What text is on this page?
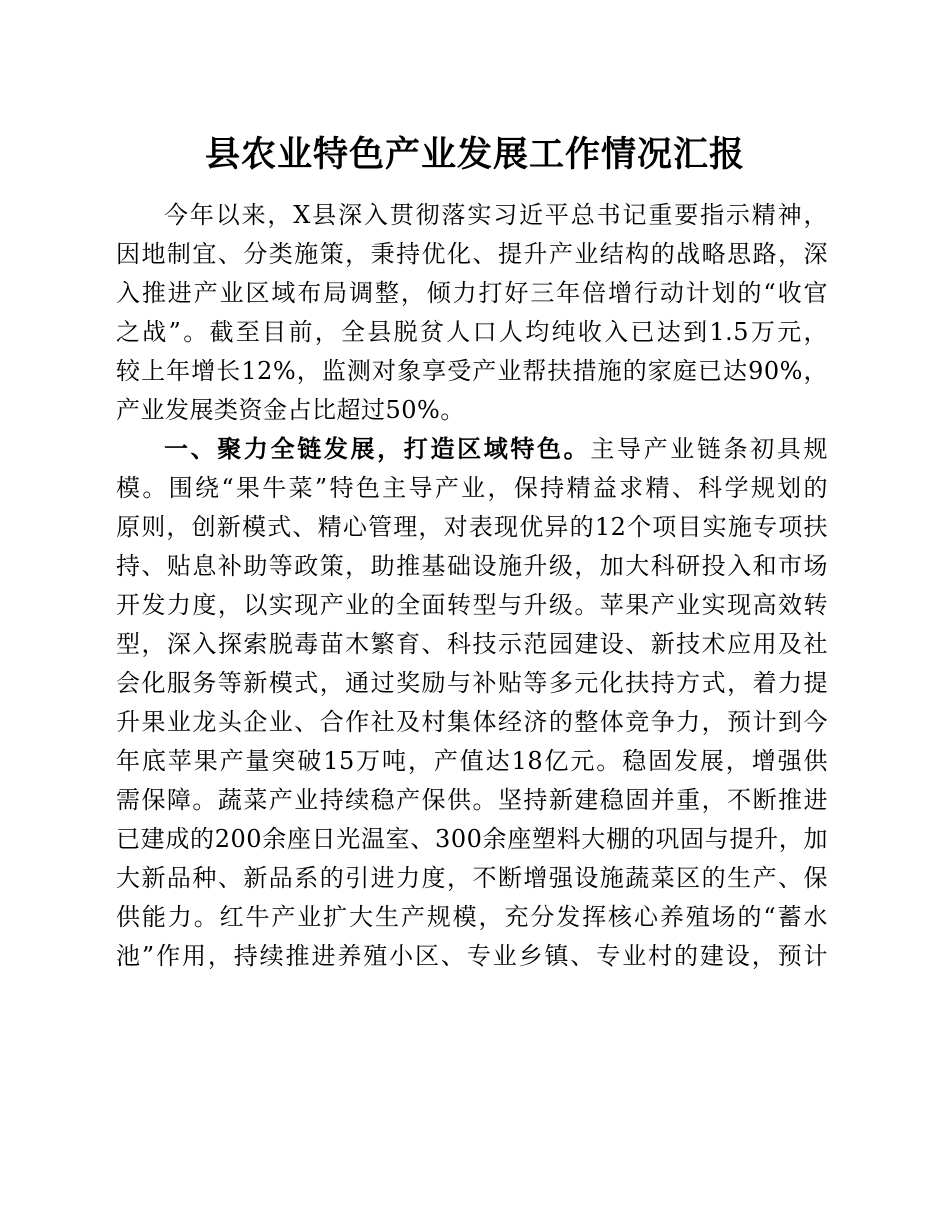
县农业特色产业发展工作情况汇报
今年以来，X县深入贯彻落实习近平总书记重要指示精神，
因地制宜、分类施策，秉持优化、提升产业结构的战略思路，深
入推进产业区域布局调整，倾力打好三年倍增行动计划的“收官
之战”。截至目前，全县脱贫人口人均纯收入已达到1.5万元，
较上年增长12%，监测对象享受产业帮扶措施的家庭已达90%，
产业发展类资金占比超过50%。
一、聚力全链发展，打造区域特色。主导产业链条初具规
模。围绕“果牛菜”特色主导产业，保持精益求精、科学规划的
原则，创新模式、精心管理，对表现优异的12个项目实施专项扶
持、贴息补助等政策，助推基础设施升级，加大科研投入和市场
开发力度，以实现产业的全面转型与升级。苹果产业实现高效转
型，深入探索脱毒苗木繁育、科技示范园建设、新技术应用及社
会化服务等新模式，通过奖励与补贴等多元化扶持方式，着力提
升果业龙头企业、合作社及村集体经济的整体竞争力，预计到今
年底苹果产量突破15万吨，产值达18亿元。稳固发展，增强供
需保障。蔬菜产业持续稳产保供。坚持新建稳固并重，不断推进
已建成的200余座日光温室、300余座塑料大棚的巩固与提升，加
大新品种、新品系的引进力度，不断增强设施蔬菜区的生产、保
供能力。红牛产业扩大生产规模，充分发挥核心养殖场的“蓄水
池”作用，持续推进养殖小区、专业乡镇、专业村的建设，预计
